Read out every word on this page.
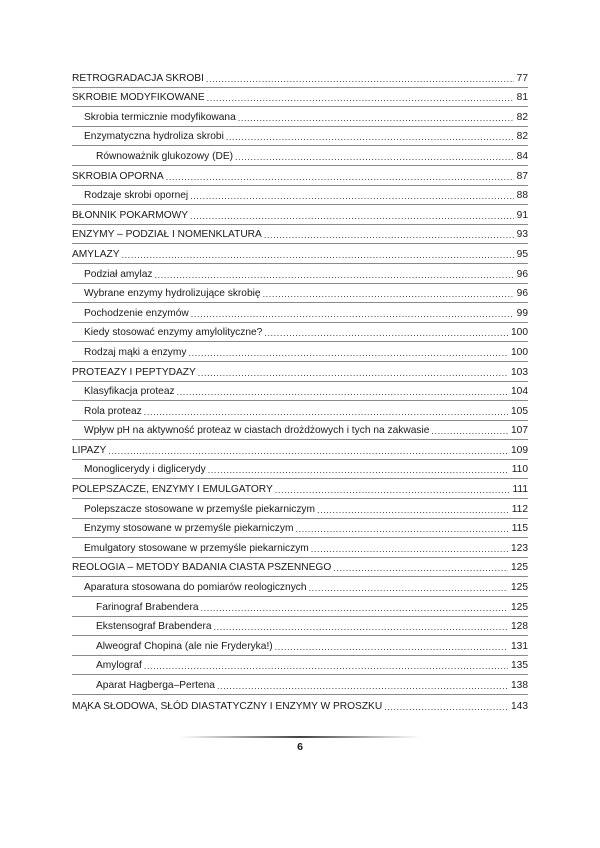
RETROGRADACJA SKROBI .....	77
SKROBIE MODYFIKOWANE .....	81
Skrobia termicznie modyfikowana .....	82
Enzymatyczna hydroliza skrobi .....	82
Równoważnik glukozowy (DE) .....	84
SKROBIA OPORNA .....	87
Rodzaje skrobi opornej .....	88
BŁONNIK POKARMOWY .....	91
ENZYMY – PODZIAŁ I NOMENKLATURA .....	93
AMYLAZY .....	95
Podział amylaz .....	96
Wybrane enzymy hydrolizujące skrobię .....	96
Pochodzenie enzymów .....	99
Kiedy stosować enzymy amylolityczne? .....	100
Rodzaj mąki a enzymy .....	100
PROTEAZY I PEPTYDAZY .....	103
Klasyfikacja proteaz .....	104
Rola proteaz .....	105
Wpływ pH na aktywność proteaz w ciastach drożdżowych i tych na zakwasie .....	107
LIPAZY .....	109
Monoglicerydy i diglicerydy .....	110
POLEPSZACZE, ENZYMY I EMULGATORY .....	111
Polepszacze stosowane w przemyśle piekarniczym .....	112
Enzymy stosowane w przemyśle piekarniczym .....	115
Emulgatory stosowane w przemyśle piekarniczym .....	123
REOLOGIA – METODY BADANIA CIASTA PSZENNEGO .....	125
Aparatura stosowana do pomiarów reologicznych .....	125
Farinograf Brabendera .....	125
Ekstensograf Brabendera .....	128
Alweograf Chopina (ale nie Fryderyka!) .....	131
Amylograf .....	135
Aparat Hagberga–Pertena .....	138
MĄKA SŁODOWA, SŁÓD DIASTATYCZNY I ENZYMY W PROSZKU .....	143
6
